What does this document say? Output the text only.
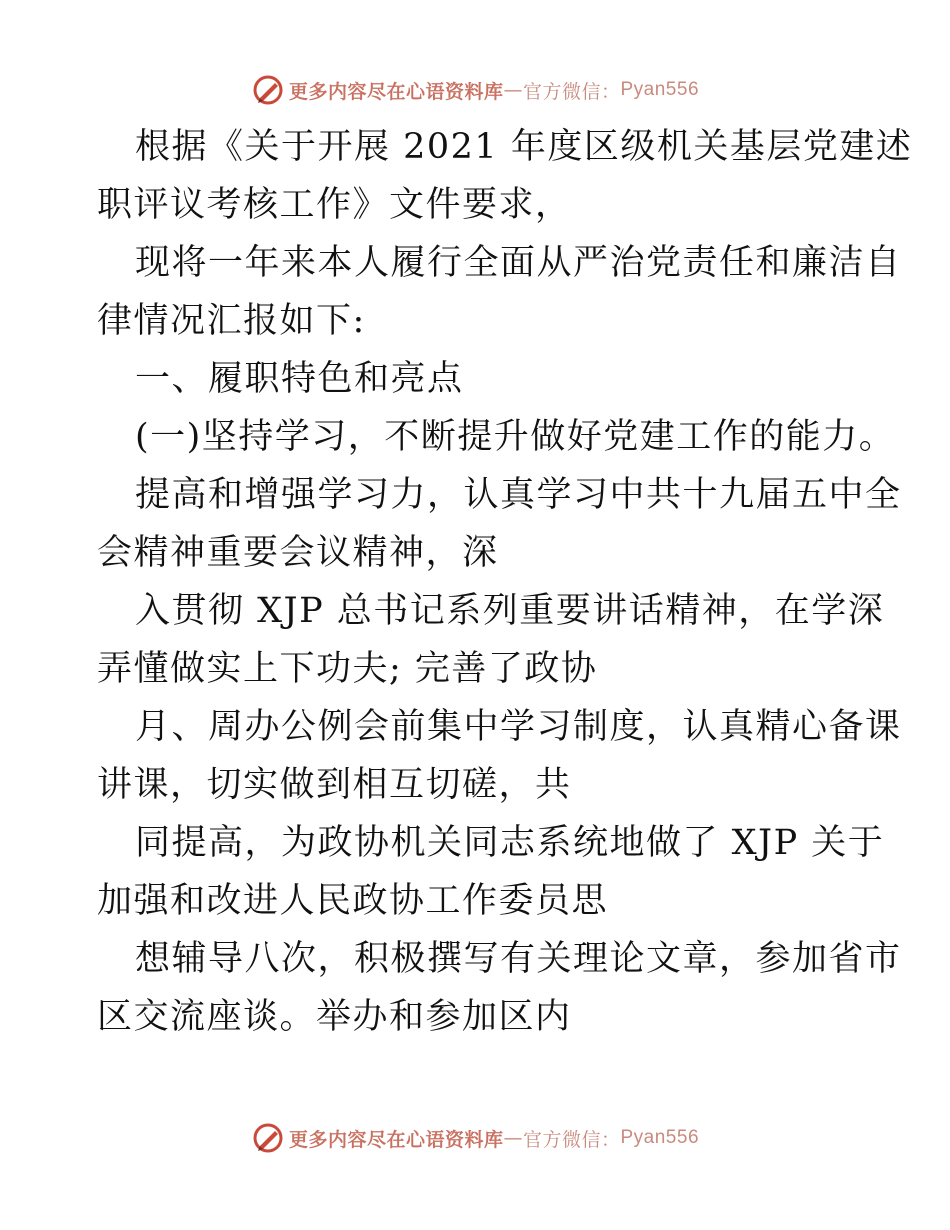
更多内容尽在心语资料库 — 官方微信： Pyan556
根据《关于开展 2021 年度区级机关基层党建述
职评议考核工作》文件要求，
现将一年来本人履行全面从严治党责任和廉洁自
律情况汇报如下:
一、履职特色和亮点
(一)坚持学习，不断提升做好党建工作的能力。
提高和增强学习力，认真学习中共十九届五中全
会精神重要会议精神，深
入贯彻 XJP 总书记系列重要讲话精神，在学深
弄懂做实上下功夫; 完善了政协
月、周办公例会前集中学习制度，认真精心备课
讲课，切实做到相互切磋，共
同提高，为政协机关同志系统地做了 XJP 关于
加强和改进人民政协工作委员思
想辅导八次，积极撰写有关理论文章，参加省市
区交流座谈。举办和参加区内
更多内容尽在心语资料库 — 官方微信： Pyan556
